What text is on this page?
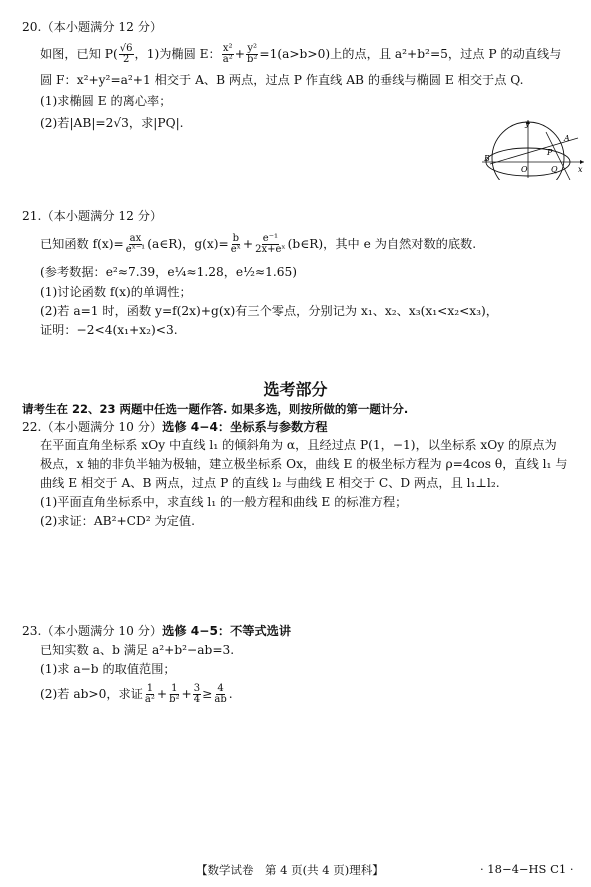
20.（本小题满分 12 分）
如图，已知 $P( \frac{√6}{2}$ ，1)为椭圆 E： $\frac{\text{x²}}{\text{a²}} + \frac{\text{y²}}{\text{b²}} =1(a>b>0)$上的点，且 a²+b²=5，过点 P 的动直线与
圆 F：x²+y²=a²+1 相交于 A、B 两点，过点 P 作直线 AB 的垂线与椭圆 E 相交于点 Q.
(1)求椭圆 E 的离心率；
(2)若|AB|=2√3，求|PQ|.	y
A
P
B
O	Q	x
21.（本小题满分 12 分）
已知函数 $f(x)= \frac{ax}{\text{eˣ⁻¹}}$ (a∈R)，$g(x)= \frac{b}{\text{eˣ}} + \frac{\text{e⁻¹}}{\text{2x+eˣ}}$ (b∈R)，其中 e 为自然对数的底数.
(参考数据：e²≈7.39，e¼≈1.28，e½≈1.65)
(1)讨论函数 f(x)的单调性；
(2)若 a=1 时，函数 y=f(2x)+g(x)有三个零点，分别记为 x₁、x₂、x₃(x₁<x₂<x₃)，
证明：−2<4(x₁+x₂)<3.
选考部分
请考生在 22、23 两题中任选一题作答. 如果多选，则按所做的第一题计分.
22.（本小题满分 10 分）选修 4−4：坐标系与参数方程
在平面直角坐标系 xOy 中直线 l₁ 的倾斜角为 α，且经过点 P(1，−1)，以坐标系 xOy 的原点为
极点，x 轴的非负半轴为极轴，建立极坐标系 Ox，曲线 E 的极坐标方程为 ρ=4cos θ，直线 l₁ 与
曲线 E 相交于 A、B 两点，过点 P 的直线 l₂ 与曲线 E 相交于 C、D 两点，且 l₁⊥l₂.
(1)平面直角坐标系中，求直线 l₁ 的一般方程和曲线 E 的标准方程；
(2)求证：AB²+CD² 为定值.
23.（本小题满分 10 分）选修 4−5：不等式选讲
已知实数 a、b 满足 a²+b²−ab=3.
(1)求 a−b 的取值范围；
(2)若 ab>0，求证 $\frac{1}{\text{a²}} + \frac{1}{\text{b²}} + \frac{3}{4} \ge \frac{4}{ab}$ .
【数学试卷　第 4 页(共 4 页)理科】	· 18−4−HS C1 ·
